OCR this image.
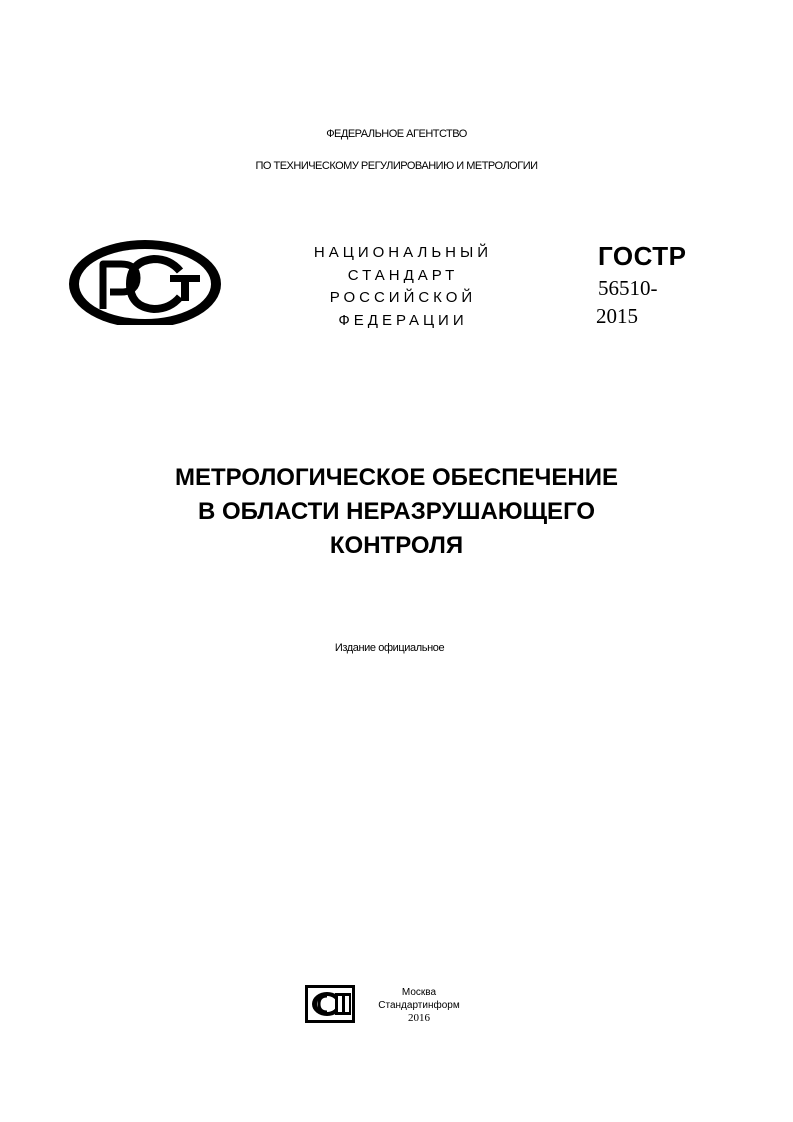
ФЕДЕРАЛЬНОЕ АГЕНТСТВО
ПО ТЕХНИЧЕСКОМУ РЕГУЛИРОВАНИЮ И МЕТРОЛОГИИ
НАЦИОНАЛЬНЫЙ
СТАНДАРТ
РОССИЙСКОЙ
ФЕДЕРАЦИИ
ГОСТР
56510-
2015
МЕТРОЛОГИЧЕСКОЕ ОБЕСПЕЧЕНИЕ
В ОБЛАСТИ НЕРАЗРУШАЮЩЕГО
КОНТРОЛЯ
Издание официальное
Москва
Стандартинформ
2016
